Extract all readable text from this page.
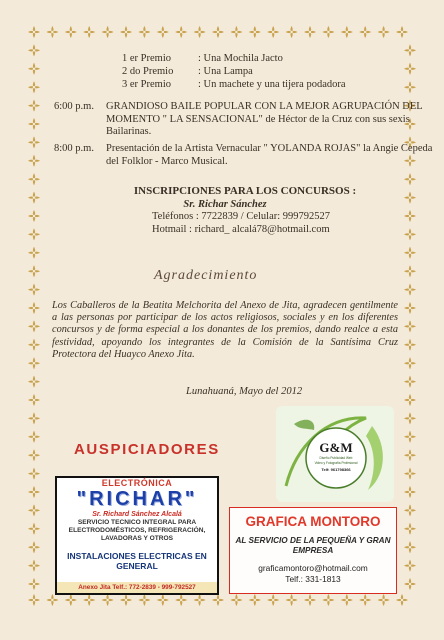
1 er Premio	: Una Mochila Jacto
2 do Premio : Una Lampa
3 er Premio	: Un machete y una tijera podadora
6:00 p.m. GRANDIOSO BAILE POPULAR CON LA MEJOR AGRUPACIÓN DEL MOMENTO " LA SENSACIONAL" de Héctor de la Cruz con sus sexis Bailarinas.
8:00 p.m. Presentación de la Artista Vernacular " YOLANDA ROJAS" la Angie Cepeda del Folklor - Marco Musical.
INSCRIPCIONES PARA LOS CONCURSOS :
Sr. Richar Sánchez
Teléfonos : 7722839 / Celular: 999792527
Hotmail : richard_ alcalá78@hotmail.com
Agradecimiento
Los Caballeros de la Beatita Melchorita del Anexo de Jita, agradecen gentilmente a las personas por participar de los actos religiosos, sociales y en los diferentes concursos y de forma especial a los donantes de los premios, dando realce a esta festividad, apoyando los integrantes de la Comisión de la Santísima Cruz Protectora del Huayco Anexo Jita.
Lunahuaná, Mayo del 2012
AUSPICIADORES	G&M
Diseño Publicidad Web
Video y Fotografía Profesional
Telf: 961798366
ELECTRÓNICA
"RICHAR"
Sr. Richard Sánchez Alcalá
SERVICIO TECNICO INTEGRAL PARA ELECTRODOMÉSTICOS, REFRIGERACIÓN, LAVADORAS Y OTROS
INSTALACIONES ELECTRICAS EN GENERAL
Anexo Jita Telf.: 772-2839 - 999-792527
GRAFICA MONTORO
AL SERVICIO DE LA PEQUEÑA Y GRAN EMPRESA
graficamontoro@hotmail.com
Telf.: 331-1813
